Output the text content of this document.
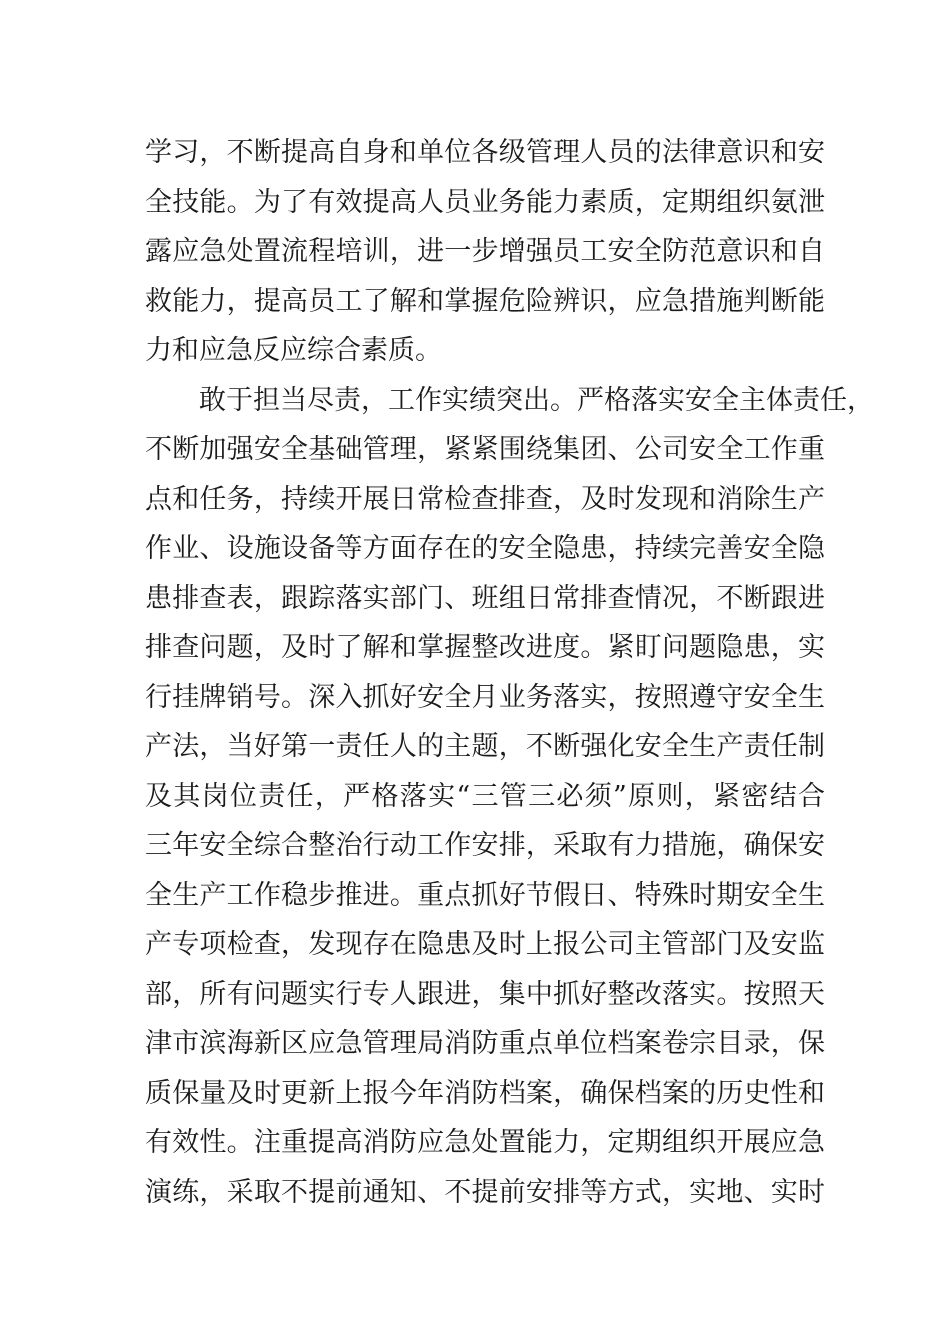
学习，不断提高自身和单位各级管理人员的法律意识和安
全技能。为了有效提高人员业务能力素质，定期组织氨泄
露应急处置流程培训，进一步增强员工安全防范意识和自
救能力，提高员工了解和掌握危险辨识，应急措施判断能
力和应急反应综合素质。
　　敢于担当尽责，工作实绩突出。严格落实安全主体责任，
不断加强安全基础管理，紧紧围绕集团、公司安全工作重
点和任务，持续开展日常检查排查，及时发现和消除生产
作业、设施设备等方面存在的安全隐患，持续完善安全隐
患排查表，跟踪落实部门、班组日常排查情况，不断跟进
排查问题，及时了解和掌握整改进度。紧盯问题隐患，实
行挂牌销号。深入抓好安全月业务落实，按照遵守安全生
产法，当好第一责任人的主题，不断强化安全生产责任制
及其岗位责任，严格落实“三管三必须”原则，紧密结合
三年安全综合整治行动工作安排，采取有力措施，确保安
全生产工作稳步推进。重点抓好节假日、特殊时期安全生
产专项检查，发现存在隐患及时上报公司主管部门及安监
部，所有问题实行专人跟进，集中抓好整改落实。按照天
津市滨海新区应急管理局消防重点单位档案卷宗目录，保
质保量及时更新上报今年消防档案，确保档案的历史性和
有效性。注重提高消防应急处置能力，定期组织开展应急
演练，采取不提前通知、不提前安排等方式，实地、实时
